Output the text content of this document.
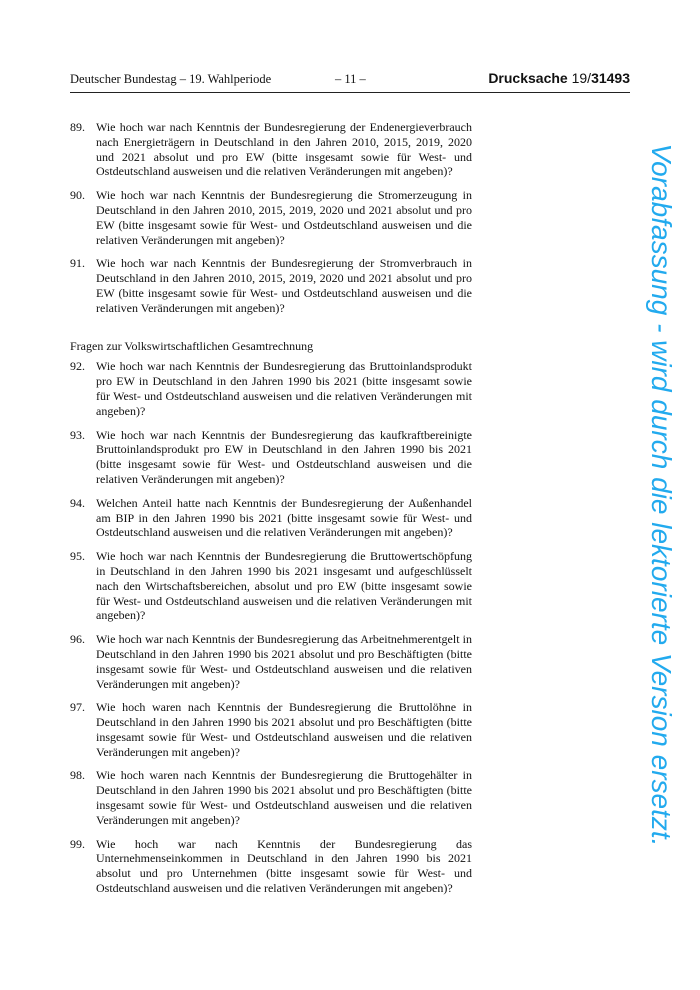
Deutscher Bundestag – 19. Wahlperiode	– 11 –	Drucksache 19/31493
89. Wie hoch war nach Kenntnis der Bundesregierung der Endenergieverbrauch nach Energieträgern in Deutschland in den Jahren 2010, 2015, 2019, 2020 und 2021 absolut und pro EW (bitte insgesamt sowie für West- und Ostdeutschland ausweisen und die relativen Veränderungen mit angeben)?
90. Wie hoch war nach Kenntnis der Bundesregierung die Stromerzeugung in Deutschland in den Jahren 2010, 2015, 2019, 2020 und 2021 absolut und pro EW (bitte insgesamt sowie für West- und Ostdeutschland ausweisen und die relativen Veränderungen mit angeben)?
91. Wie hoch war nach Kenntnis der Bundesregierung der Stromverbrauch in Deutschland in den Jahren 2010, 2015, 2019, 2020 und 2021 absolut und pro EW (bitte insgesamt sowie für West- und Ostdeutschland ausweisen und die relativen Veränderungen mit angeben)?
Fragen zur Volkswirtschaftlichen Gesamtrechnung
92. Wie hoch war nach Kenntnis der Bundesregierung das Bruttoinlandsprodukt pro EW in Deutschland in den Jahren 1990 bis 2021 (bitte insgesamt sowie für West- und Ostdeutschland ausweisen und die relativen Veränderungen mit angeben)?
93. Wie hoch war nach Kenntnis der Bundesregierung das kaufkraftbereinigte Bruttoinlandsprodukt pro EW in Deutschland in den Jahren 1990 bis 2021 (bitte insgesamt sowie für West- und Ostdeutschland ausweisen und die relativen Veränderungen mit angeben)?
94. Welchen Anteil hatte nach Kenntnis der Bundesregierung der Außenhandel am BIP in den Jahren 1990 bis 2021 (bitte insgesamt sowie für West- und Ostdeutschland ausweisen und die relativen Veränderungen mit angeben)?
95. Wie hoch war nach Kenntnis der Bundesregierung die Bruttowertschöpfung in Deutschland in den Jahren 1990 bis 2021 insgesamt und aufgeschlüsselt nach den Wirtschaftsbereichen, absolut und pro EW (bitte insgesamt sowie für West- und Ostdeutschland ausweisen und die relativen Veränderungen mit angeben)?
96. Wie hoch war nach Kenntnis der Bundesregierung das Arbeitnehmerentgelt in Deutschland in den Jahren 1990 bis 2021 absolut und pro Beschäftigten (bitte insgesamt sowie für West- und Ostdeutschland ausweisen und die relativen Veränderungen mit angeben)?
97. Wie hoch waren nach Kenntnis der Bundesregierung die Bruttolöhne in Deutschland in den Jahren 1990 bis 2021 absolut und pro Beschäftigten (bitte insgesamt sowie für West- und Ostdeutschland ausweisen und die relativen Veränderungen mit angeben)?
98. Wie hoch waren nach Kenntnis der Bundesregierung die Bruttogehälter in Deutschland in den Jahren 1990 bis 2021 absolut und pro Beschäftigten (bitte insgesamt sowie für West- und Ostdeutschland ausweisen und die relativen Veränderungen mit angeben)?
99. Wie hoch war nach Kenntnis der Bundesregierung das Unternehmenseinkommen in Deutschland in den Jahren 1990 bis 2021 absolut und pro Unternehmen (bitte insgesamt sowie für West- und Ostdeutschland ausweisen und die relativen Veränderungen mit angeben)?
Vorabfassung - wird durch die lektorierte Version ersetzt.
